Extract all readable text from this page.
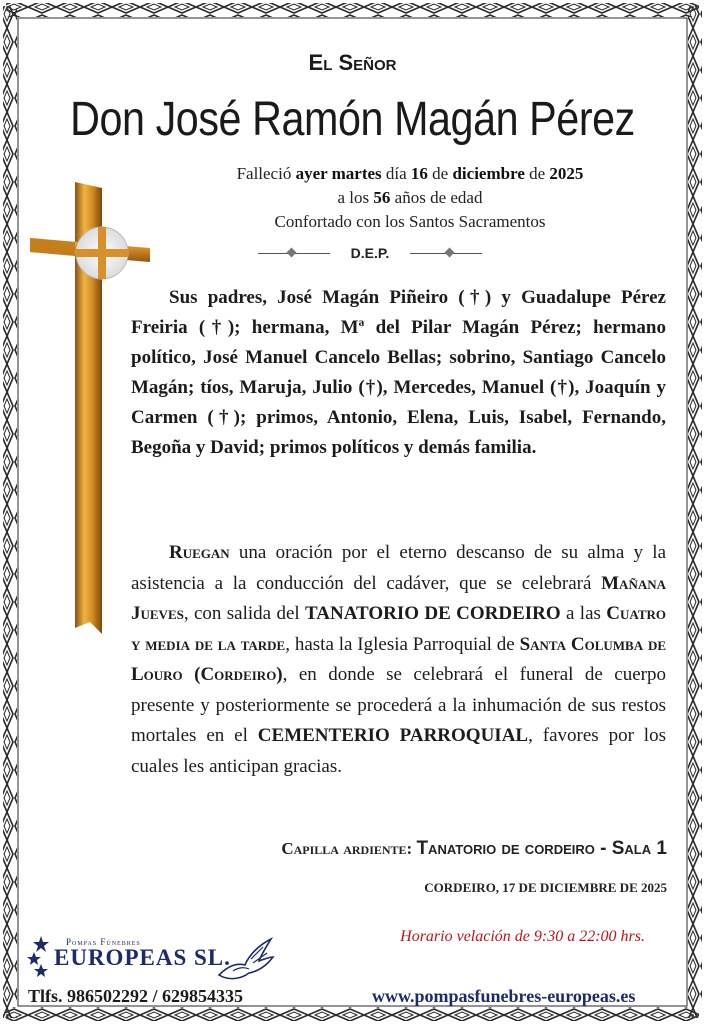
El Señor
Don José Ramón Magán Pérez
Falleció ayer martes día 16 de diciembre de 2025
a los 56 años de edad
Confortado con los Santos Sacramentos
D.E.P.
Sus padres, José Magán Piñeiro (†) y Guadalupe Pérez Freiria (†); hermana, Mª del Pilar Magán Pérez; hermano político, José Manuel Cancelo Bellas; sobrino, Santiago Cancelo Magán; tíos, Maruja, Julio (†), Mercedes, Manuel (†), Joaquín y Carmen (†); primos, Antonio, Elena, Luis, Isabel, Fernando, Begoña y David; primos políticos y demás familia.
Ruegan una oración por el eterno descanso de su alma y la asistencia a la conducción del cadáver, que se celebrará Mañana Jueves, con salida del TANATORIO DE CORDEIRO a las Cuatro y media de la tarde, hasta la Iglesia Parroquial de Santa Columba de Louro (Cordeiro), en donde se celebrará el funeral de cuerpo presente y posteriormente se procederá a la inhumación de sus restos mortales en el CEMENTERIO PARROQUIAL, favores por los cuales les anticipan gracias.
Capilla ardiente: Tanatorio de cordeiro - Sala 1
CORDEIRO, 17 DE DICIEMBRE DE 2025
Horario velación de 9:30 a 22:00 hrs.
Pompas Fúnebres
EUROPEAS SL.
Tlfs. 986502292 / 629854335	www.pompasfunebres-europeas.es
